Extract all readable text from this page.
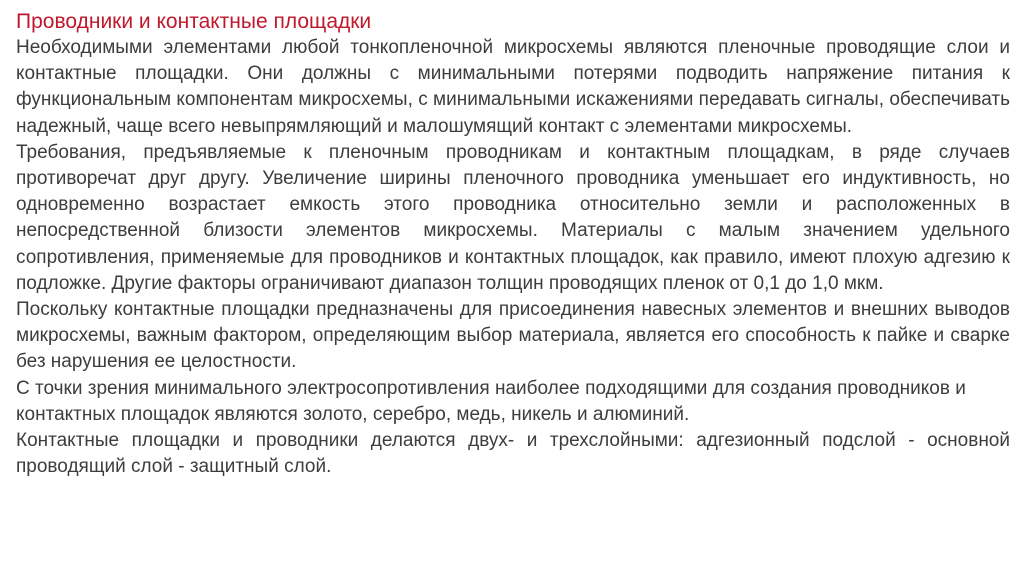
Проводники и контактные площадки

Необходимыми элементами любой тонкопленочной микросхемы являются пленочные проводящие слои и контактные площадки. Они должны с минимальными потерями подводить напряжение питания к функциональным компонентам микросхемы, с минимальными искажениями передавать сигналы, обеспечивать надежный, чаще всего невыпрямляющий и малошумящий контакт с элементами микросхемы.

Требования, предъявляемые к пленочным проводникам и контактным площадкам, в ряде случаев противоречат друг другу. Увеличение ширины пленочного проводника уменьшает его индуктивность, но одновременно возрастает емкость этого проводника относительно земли и расположенных в непосредственной близости элементов микросхемы. Материалы с малым значением удельного сопротивления, применяемые для проводников и контактных площадок, как правило, имеют плохую адгезию к подложке. Другие факторы ограничивают диапазон толщин проводящих пленок от 0,1 до 1,0 мкм.

Поскольку контактные площадки предназначены для присоединения навесных элементов и внешних выводов микросхемы, важным фактором, определяющим выбор материала, является его способность к пайке и сварке без нарушения ее целостности.

С точки зрения минимального электросопротивления наиболее подходящими для создания проводников и контактных площадок являются золото, серебро, медь, никель и алюминий.

Контактные площадки и проводники делаются двух- и трехслойными: адгезионный подслой - основной проводящий слой - защитный слой.
